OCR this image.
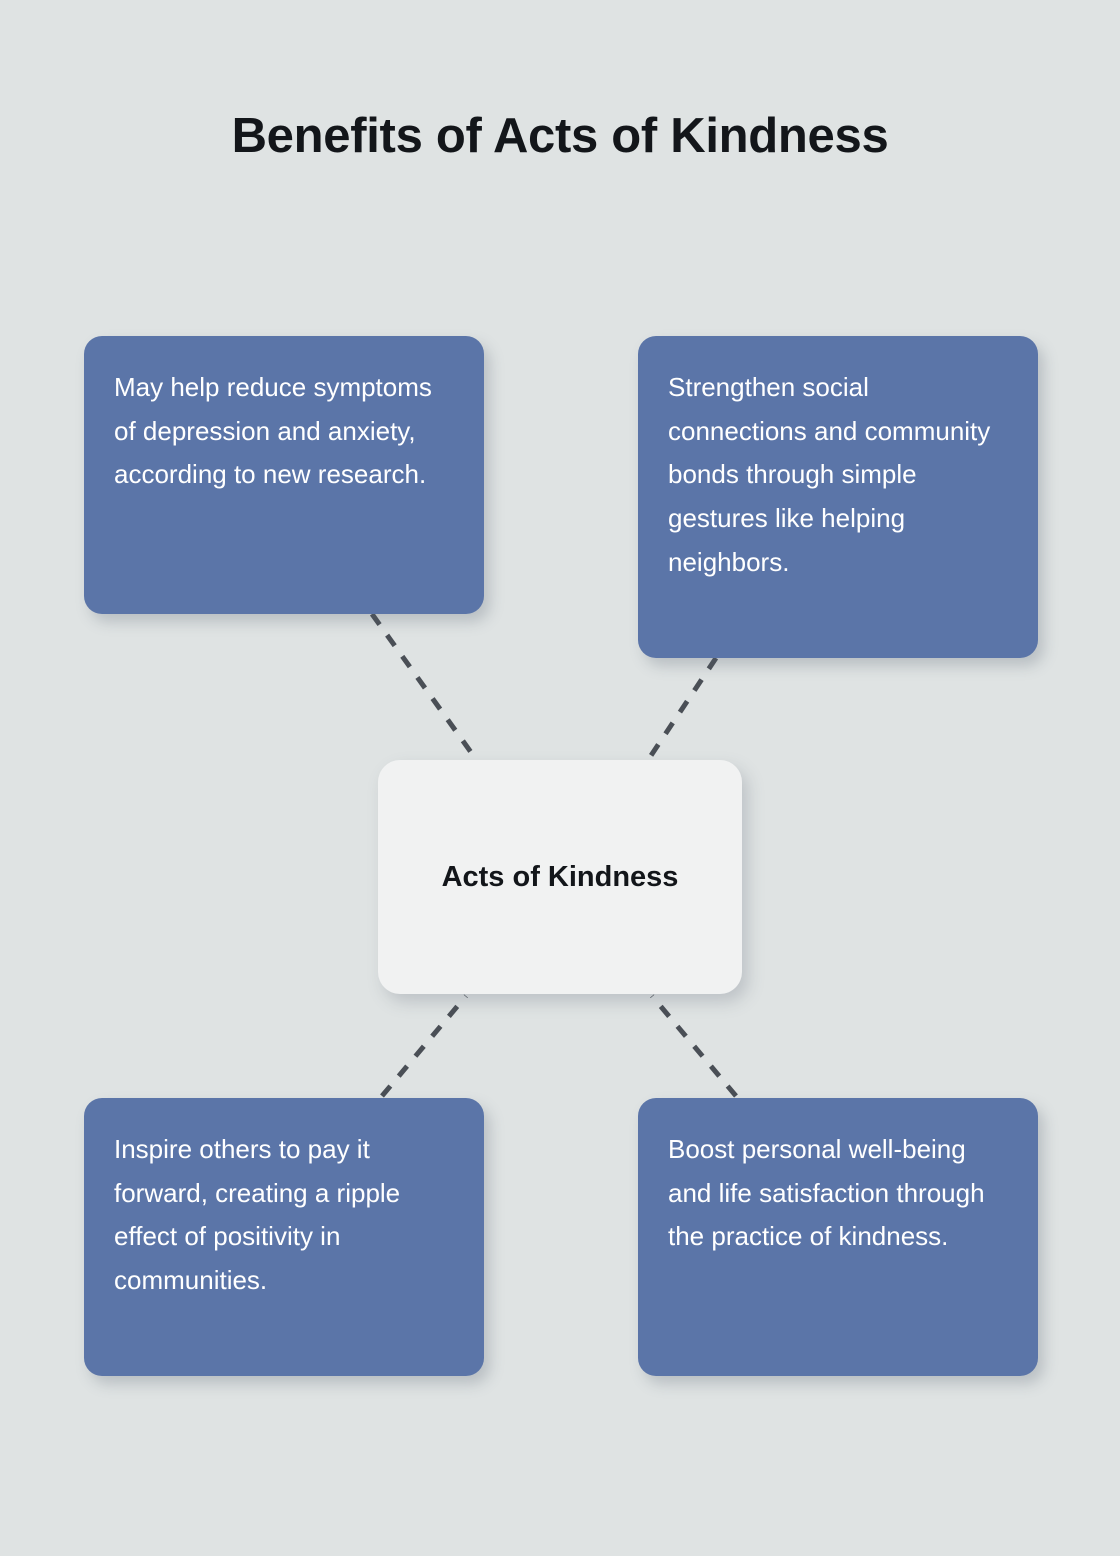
Benefits of Acts of Kindness
May help reduce symptoms of depression and anxiety, according to new research.
Strengthen social connections and community bonds through simple gestures like helping neighbors.
Acts of Kindness
Inspire others to pay it forward, creating a ripple effect of positivity in communities.
Boost personal well-being and life satisfaction through the practice of kindness.
